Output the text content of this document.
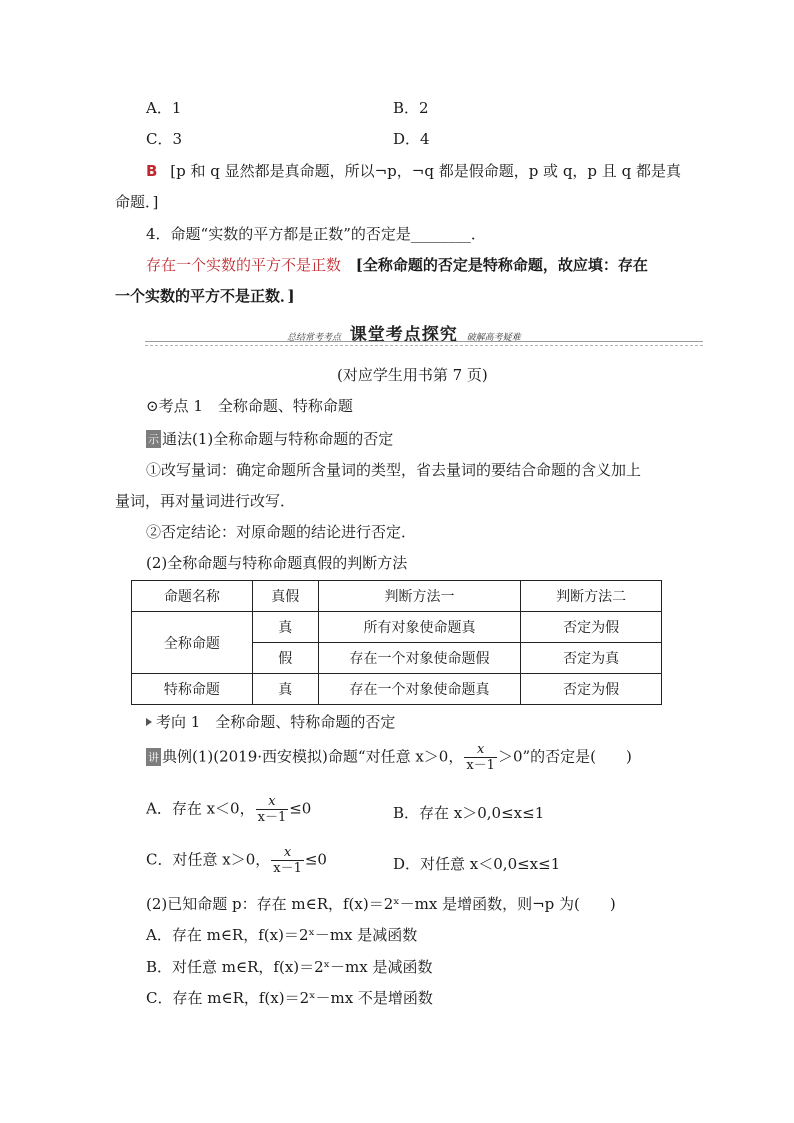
A．1	B．2
C．3	D．4
B [p 和 q 显然都是真命题，所以¬p，¬q 都是假命题，p 或 q，p 且 q 都是真
命题．]
4．命题“实数的平方都是正数”的否定是________．
存在一个实数的平方不是正数 [全称命题的否定是特称命题，故应填：存在
一个实数的平方不是正数．]
总结常考考点 课堂考点探究 破解高考疑难
(对应学生用书第 7 页)
⊙考点 1　全称命题、特称命题
示 通法(1)全称命题与特称命题的否定
①改写量词：确定命题所含量词的类型，省去量词的要结合命题的含义加上
量词，再对量词进行改写．
②否定结论：对原命题的结论进行否定．
(2)全称命题与特称命题真假的判断方法
命题名称	真假	判断方法一	判断方法二
全称命题	真	所有对象使命题真	否定为假
	假	存在一个对象使命题假	否定为真
特称命题	真	存在一个对象使命题真	否定为假
考向 1　全称命题、特称命题的否定
讲 典例(1)(2019·西安模拟)命题“对任意 x＞0， $\frac{x}{x-1} >0$”的否定是(　　)
A．存在 x＜0， $\frac{x}{x-1} \le 0$	B．存在 x＞0,0≤x≤1
C．对任意 x＞0， $\frac{x}{x-1} \le 0$	D．对任意 x＜0,0≤x≤1
(2)已知命题 p：存在 m∈R，f(x)＝2ˣ－mx 是增函数，则¬p 为(　　)
A．存在 m∈R，f(x)＝2ˣ－mx 是减函数
B．对任意 m∈R，f(x)＝2ˣ－mx 是减函数
C．存在 m∈R，f(x)＝2ˣ－mx 不是增函数
